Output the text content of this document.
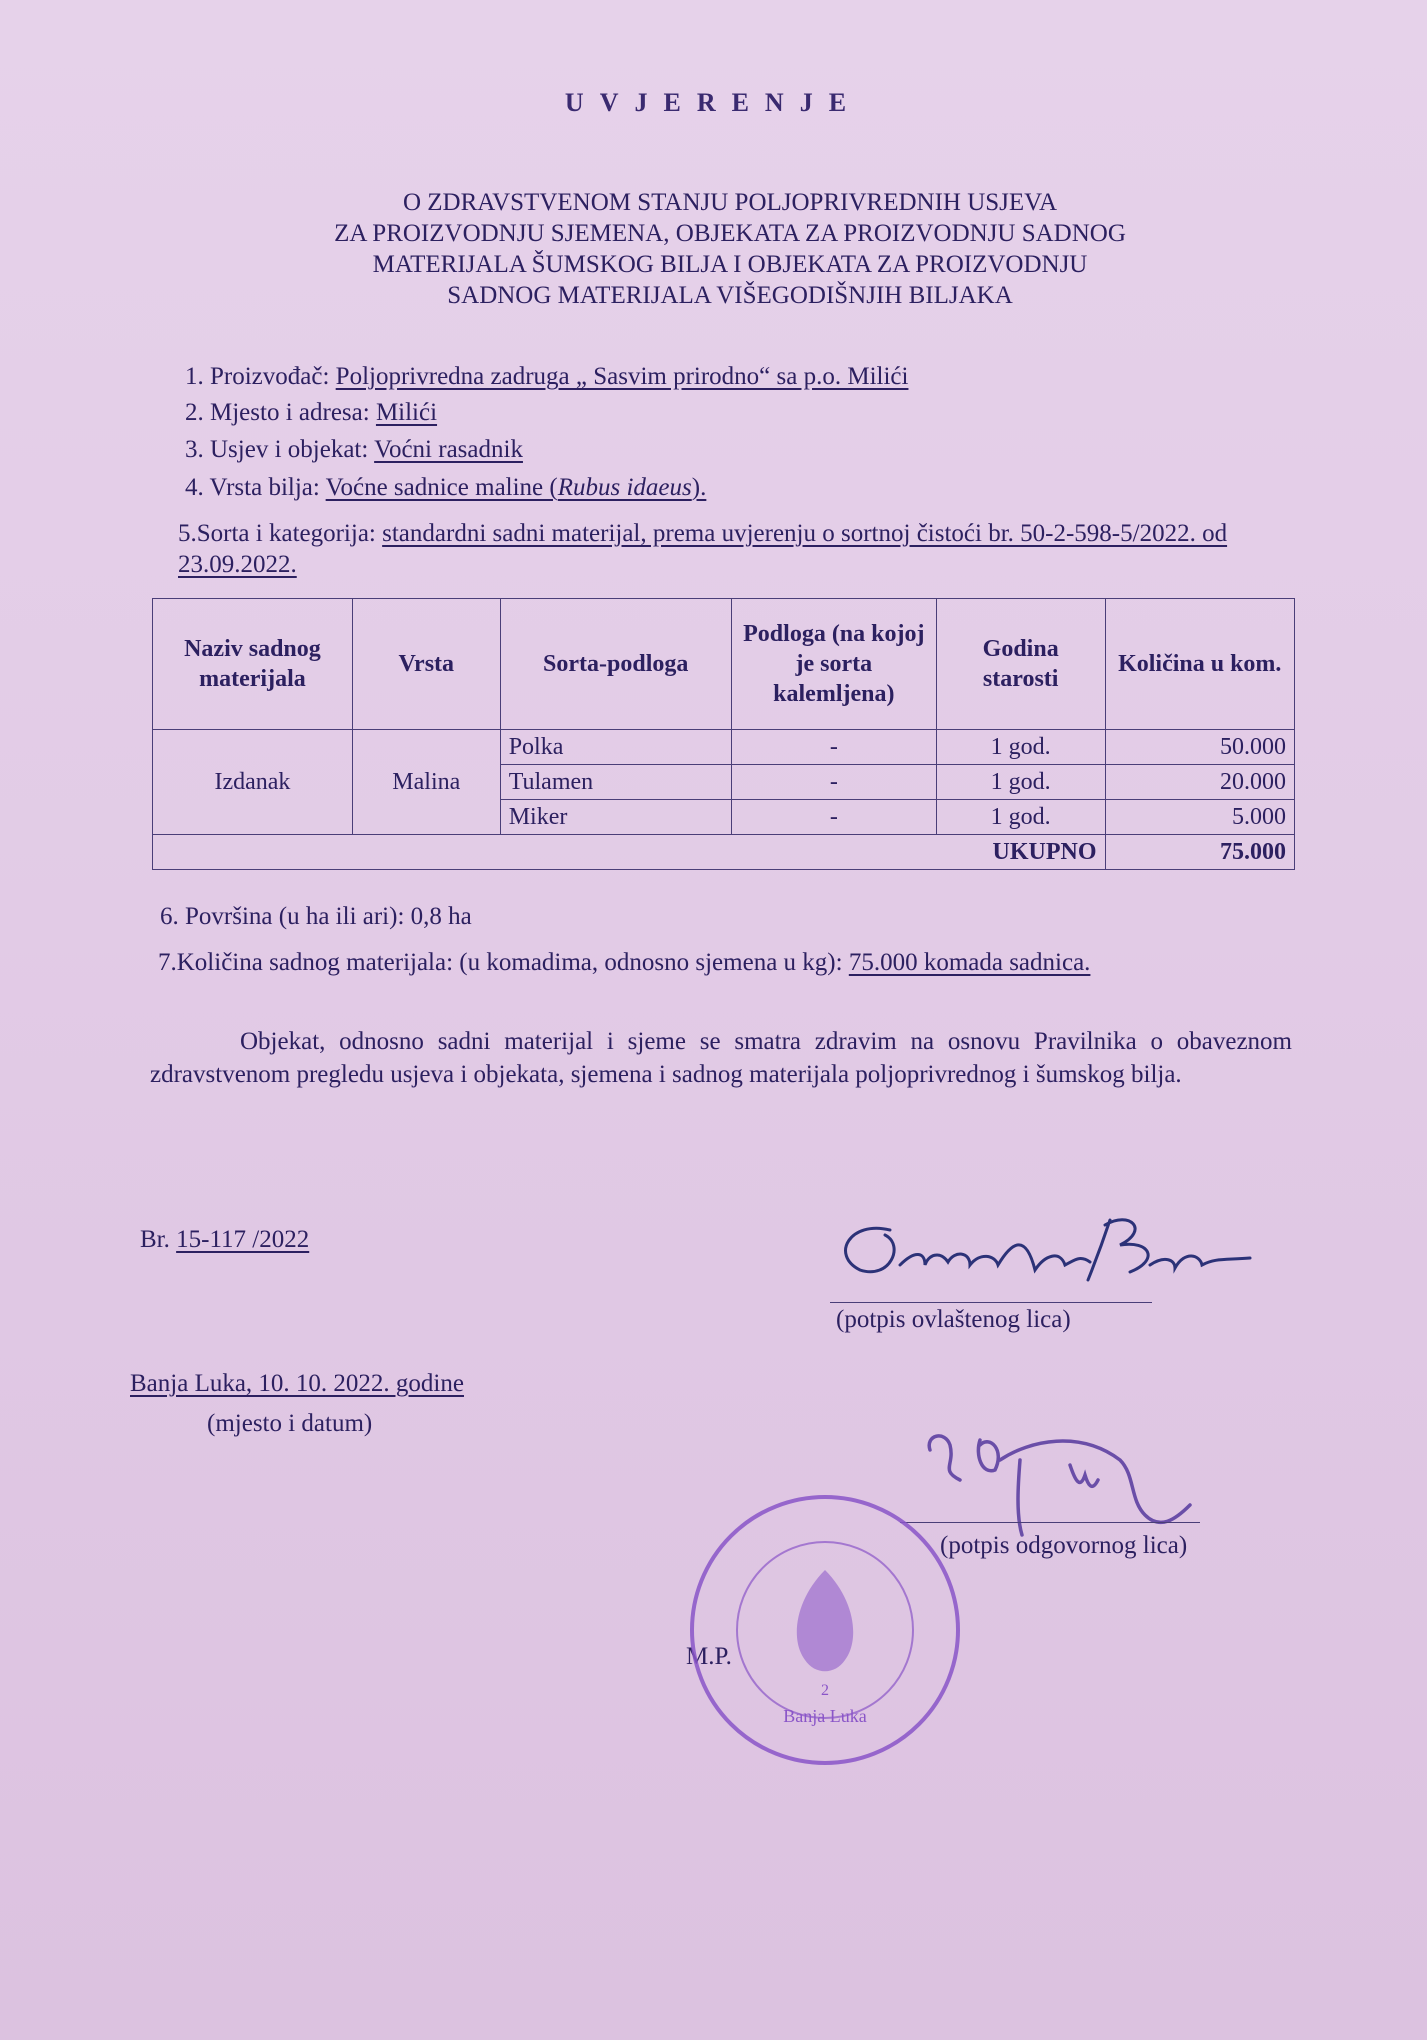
UVJERENJE
O ZDRAVSTVENOM STANJU POLJOPRIVREDNIH USJEVA
ZA PROIZVODNJU SJEMENA, OBJEKATA ZA PROIZVODNJU SADNOG
MATERIJALA ŠUMSKOG BILJA I OBJEKATA ZA PROIZVODNJU
SADNOG MATERIJALA VIŠEGODIŠNJIH BILJAKA
1. Proizvođač: Poljoprivredna zadruga „ Sasvim prirodno“ sa p.o. Milići
2. Mjesto i adresa: Milići
3. Usjev i objekat: Voćni rasadnik
4. Vrsta bilja: Voćne sadnice maline (Rubus idaeus).
5.Sorta i kategorija: standardni sadni materijal, prema uvjerenju o sortnoj čistoći br. 50-2-598-5/2022. od 23.09.2022.
Naziv sadnog materijala	Vrsta	Sorta-podloga	Podloga (na kojoj je sorta kalemljena)	Godina starosti	Količina u kom.
Izdanak	Malina	Polka	-	1 god.	50.000
		Tulamen	-	1 god.	20.000
		Miker	-	1 god.	5.000
UKUPNO					75.000
6. Površina (u ha ili ari): 0,8 ha
7.Količina sadnog materijala: (u komadima, odnosno sjemena u kg): 75.000 komada sadnica.
Objekat, odnosno sadni materijal i sjeme se smatra zdravim na osnovu Pravilnika o obaveznom zdravstvenom pregledu usjeva i objekata, sjemena i sadnog materijala poljoprivrednog i šumskog bilja.
Br. 15-117 /2022
(potpis ovlaštenog lica)
Banja Luka, 10. 10. 2022. godine
(mjesto i datum)
(potpis odgovornog lica)
M.P.
2
Banja Luka
